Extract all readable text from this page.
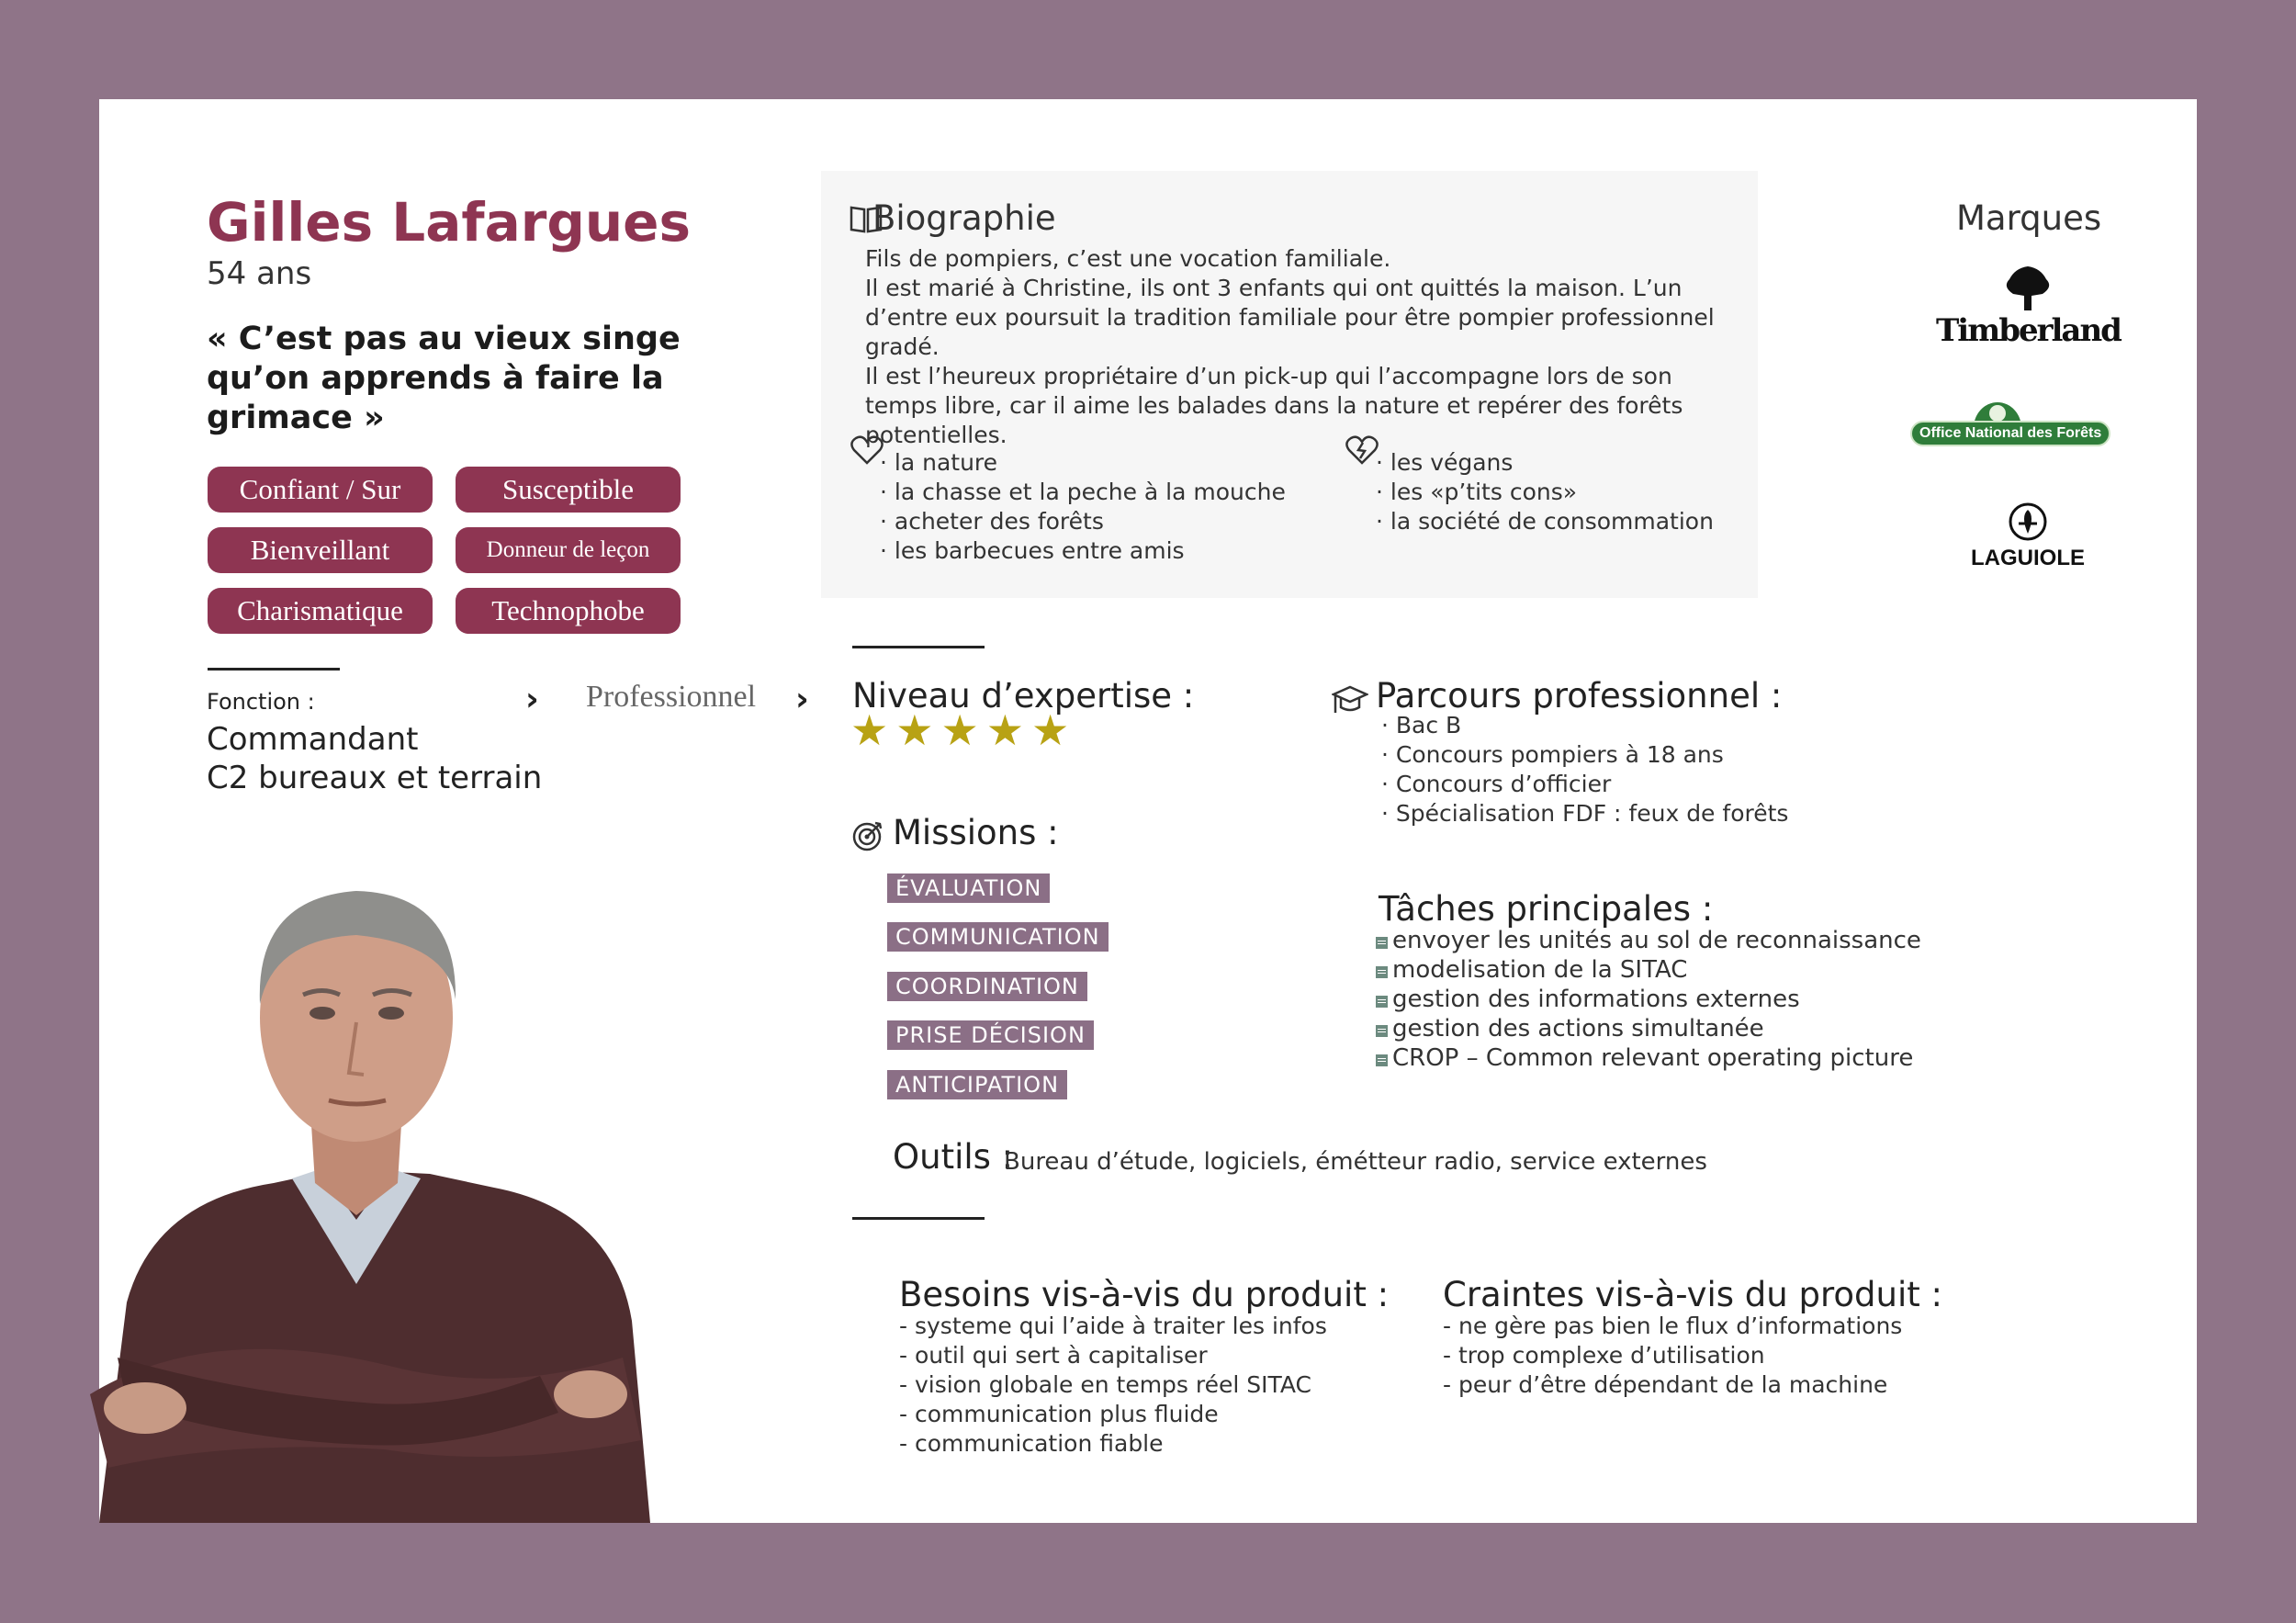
Gilles Lafargues
54 ans
« C’est pas au vieux singe qu’on apprends à faire la grimace »
Confiant / Sur	Susceptible
Bienveillant	Donneur de leçon
Charismatique	Technophobe
Fonction :
Commandant
C2 bureaux et terrain
› Professionnel ›
Biographie
Fils de pompiers, c’est une vocation familiale.
Il est marié à Christine, ils ont 3 enfants qui ont quittés la maison. L’un d’entre eux poursuit la tradition familiale pour être pompier professionnel gradé.
Il est l’heureux propriétaire d’un pick-up qui l’accompagne lors de son temps libre, car il aime les balades dans la nature et repérer des forêts potentielles.
· la nature
· la chasse et la peche à la mouche
· acheter des forêts
· les barbecues entre amis
· les végans
· les «p’tits cons»
· la société de consommation
Marques
Timberland
Office National des Forêts
LAGUIOLE
Niveau d’expertise :
★★★★★
Missions :
ÉVALUATION
COMMUNICATION
COORDINATION
PRISE DÉCISION
ANTICIPATION
Outils :
Bureau d’étude, logiciels, émétteur radio, service externes
Parcours professionnel :
· Bac B
· Concours pompiers à 18 ans
· Concours d’officier
· Spécialisation FDF : feux de forêts
Tâches principales :
envoyer les unités au sol de reconnaissance
modelisation de la SITAC
gestion des informations externes
gestion des actions simultanée
CROP – Common relevant operating picture
Besoins vis-à-vis du produit :
- systeme qui l’aide à traiter les infos
- outil qui sert à capitaliser
- vision globale en temps réel SITAC
- communication plus fluide
- communication fiable
Craintes vis-à-vis du produit :
- ne gère pas bien le flux d’informations
- trop complexe d’utilisation
- peur d’être dépendant de la machine
